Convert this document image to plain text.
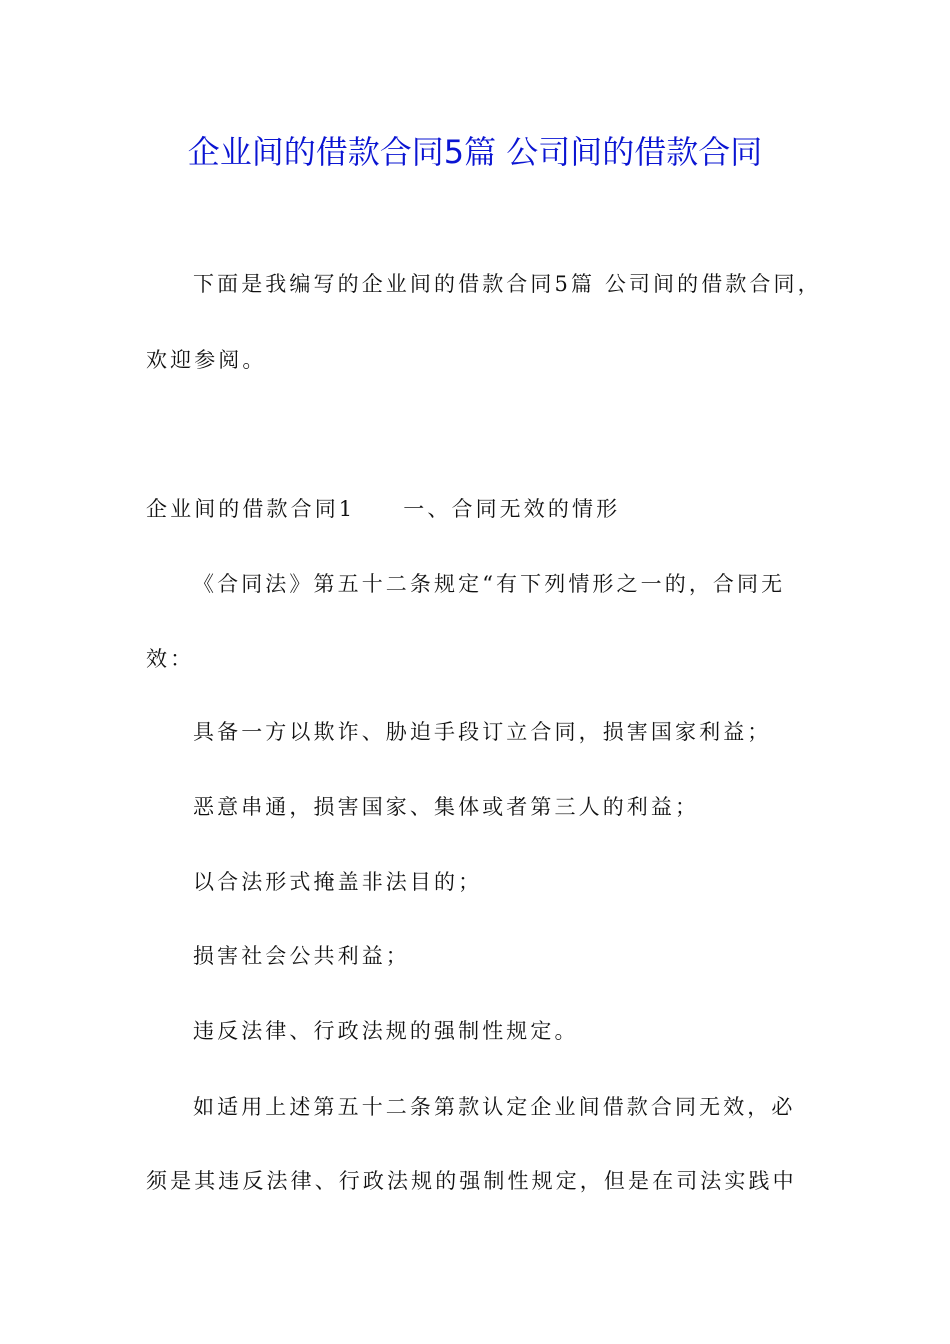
企业间的借款合同5篇 公司间的借款合同
下面是我编写的企业间的借款合同5篇 公司间的借款合同，
欢迎参阅。
企业间的借款合同1 一、合同无效的情形
《合同法》第五十二条规定“有下列情形之一的，合同无
效：
具备一方以欺诈、胁迫手段订立合同，损害国家利益；
恶意串通，损害国家、集体或者第三人的利益；
以合法形式掩盖非法目的；
损害社会公共利益；
违反法律、行政法规的强制性规定。
如适用上述第五十二条第款认定企业间借款合同无效，必
须是其违反法律、行政法规的强制性规定，但是在司法实践中
